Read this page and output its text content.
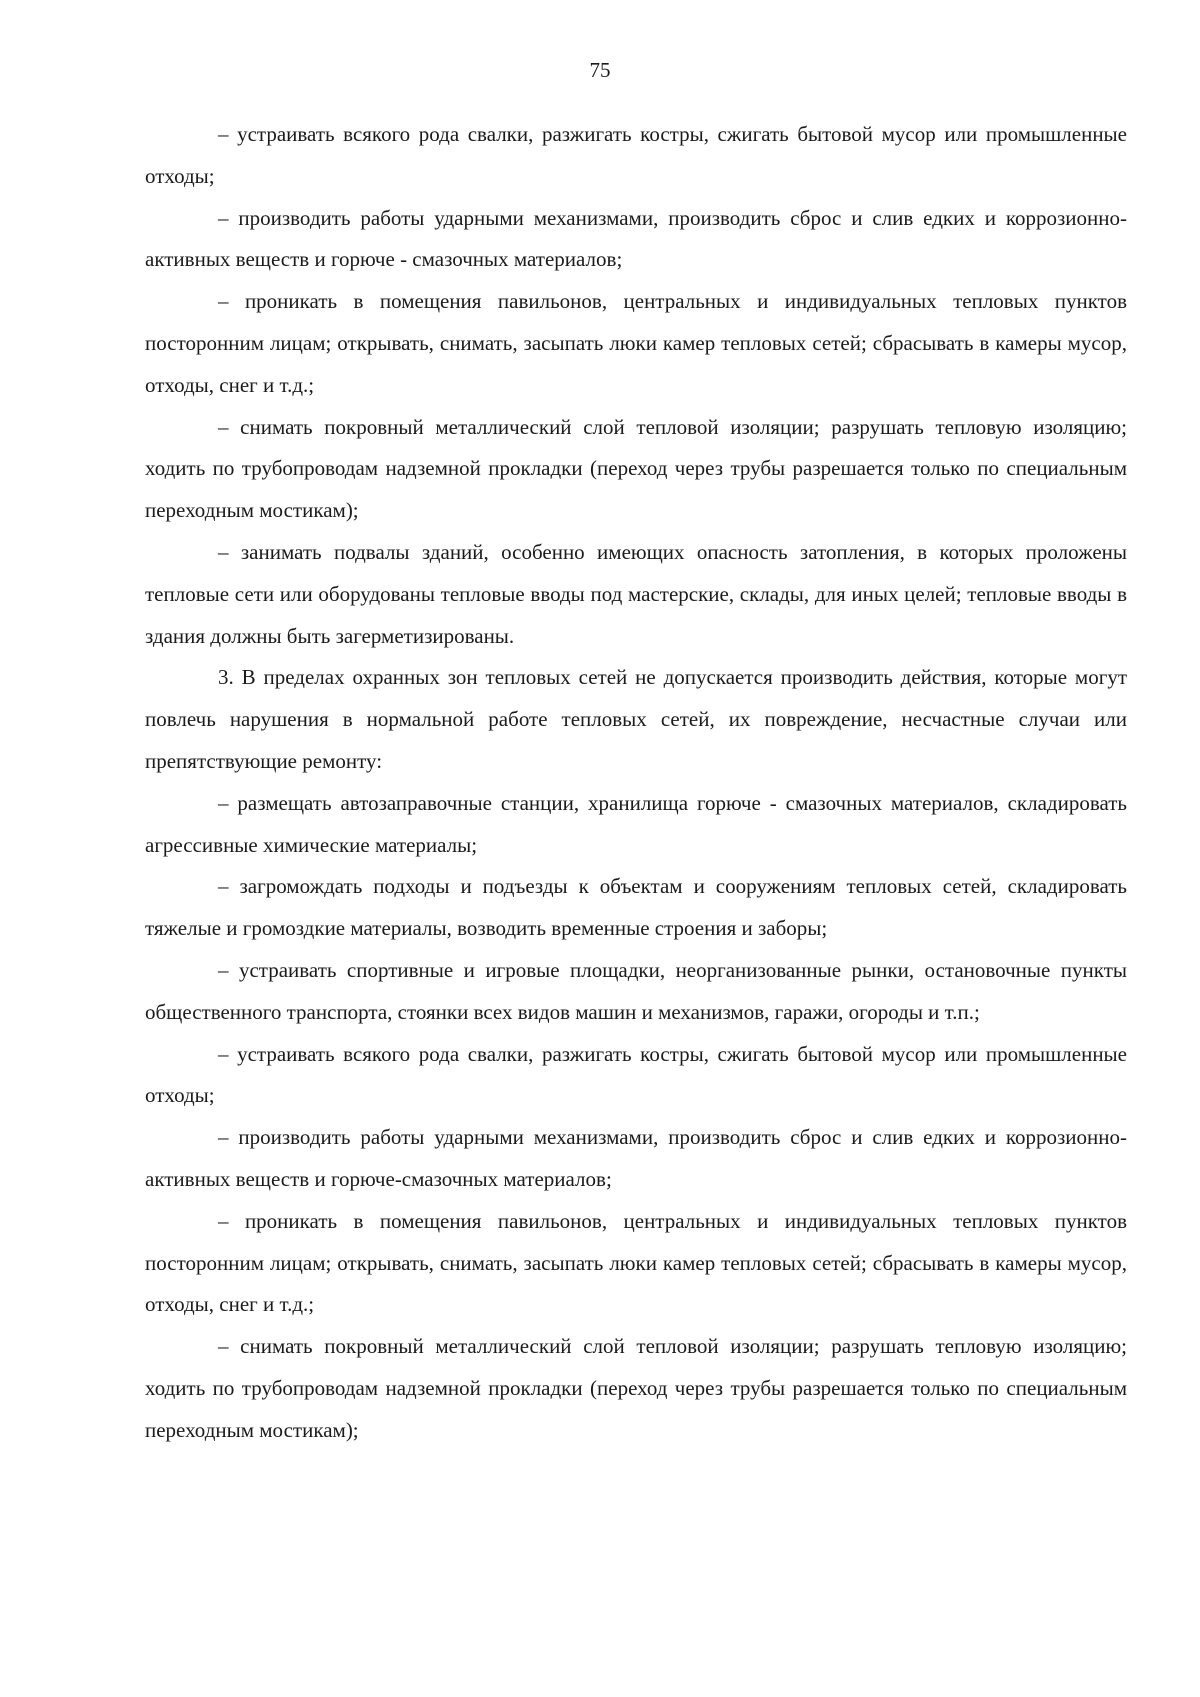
75

– устраивать всякого рода свалки, разжигать костры, сжигать бытовой мусор или промышленные отходы;

– производить работы ударными механизмами, производить сброс и слив едких и коррозионно-активных веществ и горюче - смазочных материалов;

– проникать в помещения павильонов, центральных и индивидуальных тепловых пунктов посторонним лицам; открывать, снимать, засыпать люки камер тепловых сетей; сбрасывать в камеры мусор, отходы, снег и т.д.;

– снимать покровный металлический слой тепловой изоляции; разрушать тепловую изоляцию; ходить по трубопроводам надземной прокладки (переход через трубы разрешается только по специальным переходным мостикам);

– занимать подвалы зданий, особенно имеющих опасность затопления, в которых проложены тепловые сети или оборудованы тепловые вводы под мастерские, склады, для иных целей; тепловые вводы в здания должны быть загерметизированы.

3. В пределах охранных зон тепловых сетей не допускается производить действия, которые могут повлечь нарушения в нормальной работе тепловых сетей, их повреждение, несчастные случаи или препятствующие ремонту:

– размещать автозаправочные станции, хранилища горюче - смазочных материалов, складировать агрессивные химические материалы;

– загромождать подходы и подъезды к объектам и сооружениям тепловых сетей, складировать тяжелые и громоздкие материалы, возводить временные строения и заборы;

– устраивать спортивные и игровые площадки, неорганизованные рынки, остановочные пункты общественного транспорта, стоянки всех видов машин и механизмов, гаражи, огороды и т.п.;

– устраивать всякого рода свалки, разжигать костры, сжигать бытовой мусор или промышленные отходы;

– производить работы ударными механизмами, производить сброс и слив едких и коррозионно-активных веществ и горюче-смазочных материалов;

– проникать в помещения павильонов, центральных и индивидуальных тепловых пунктов посторонним лицам; открывать, снимать, засыпать люки камер тепловых сетей; сбрасывать в камеры мусор, отходы, снег и т.д.;

– снимать покровный металлический слой тепловой изоляции; разрушать тепловую изоляцию; ходить по трубопроводам надземной прокладки (переход через трубы разрешается только по специальным переходным мостикам);
